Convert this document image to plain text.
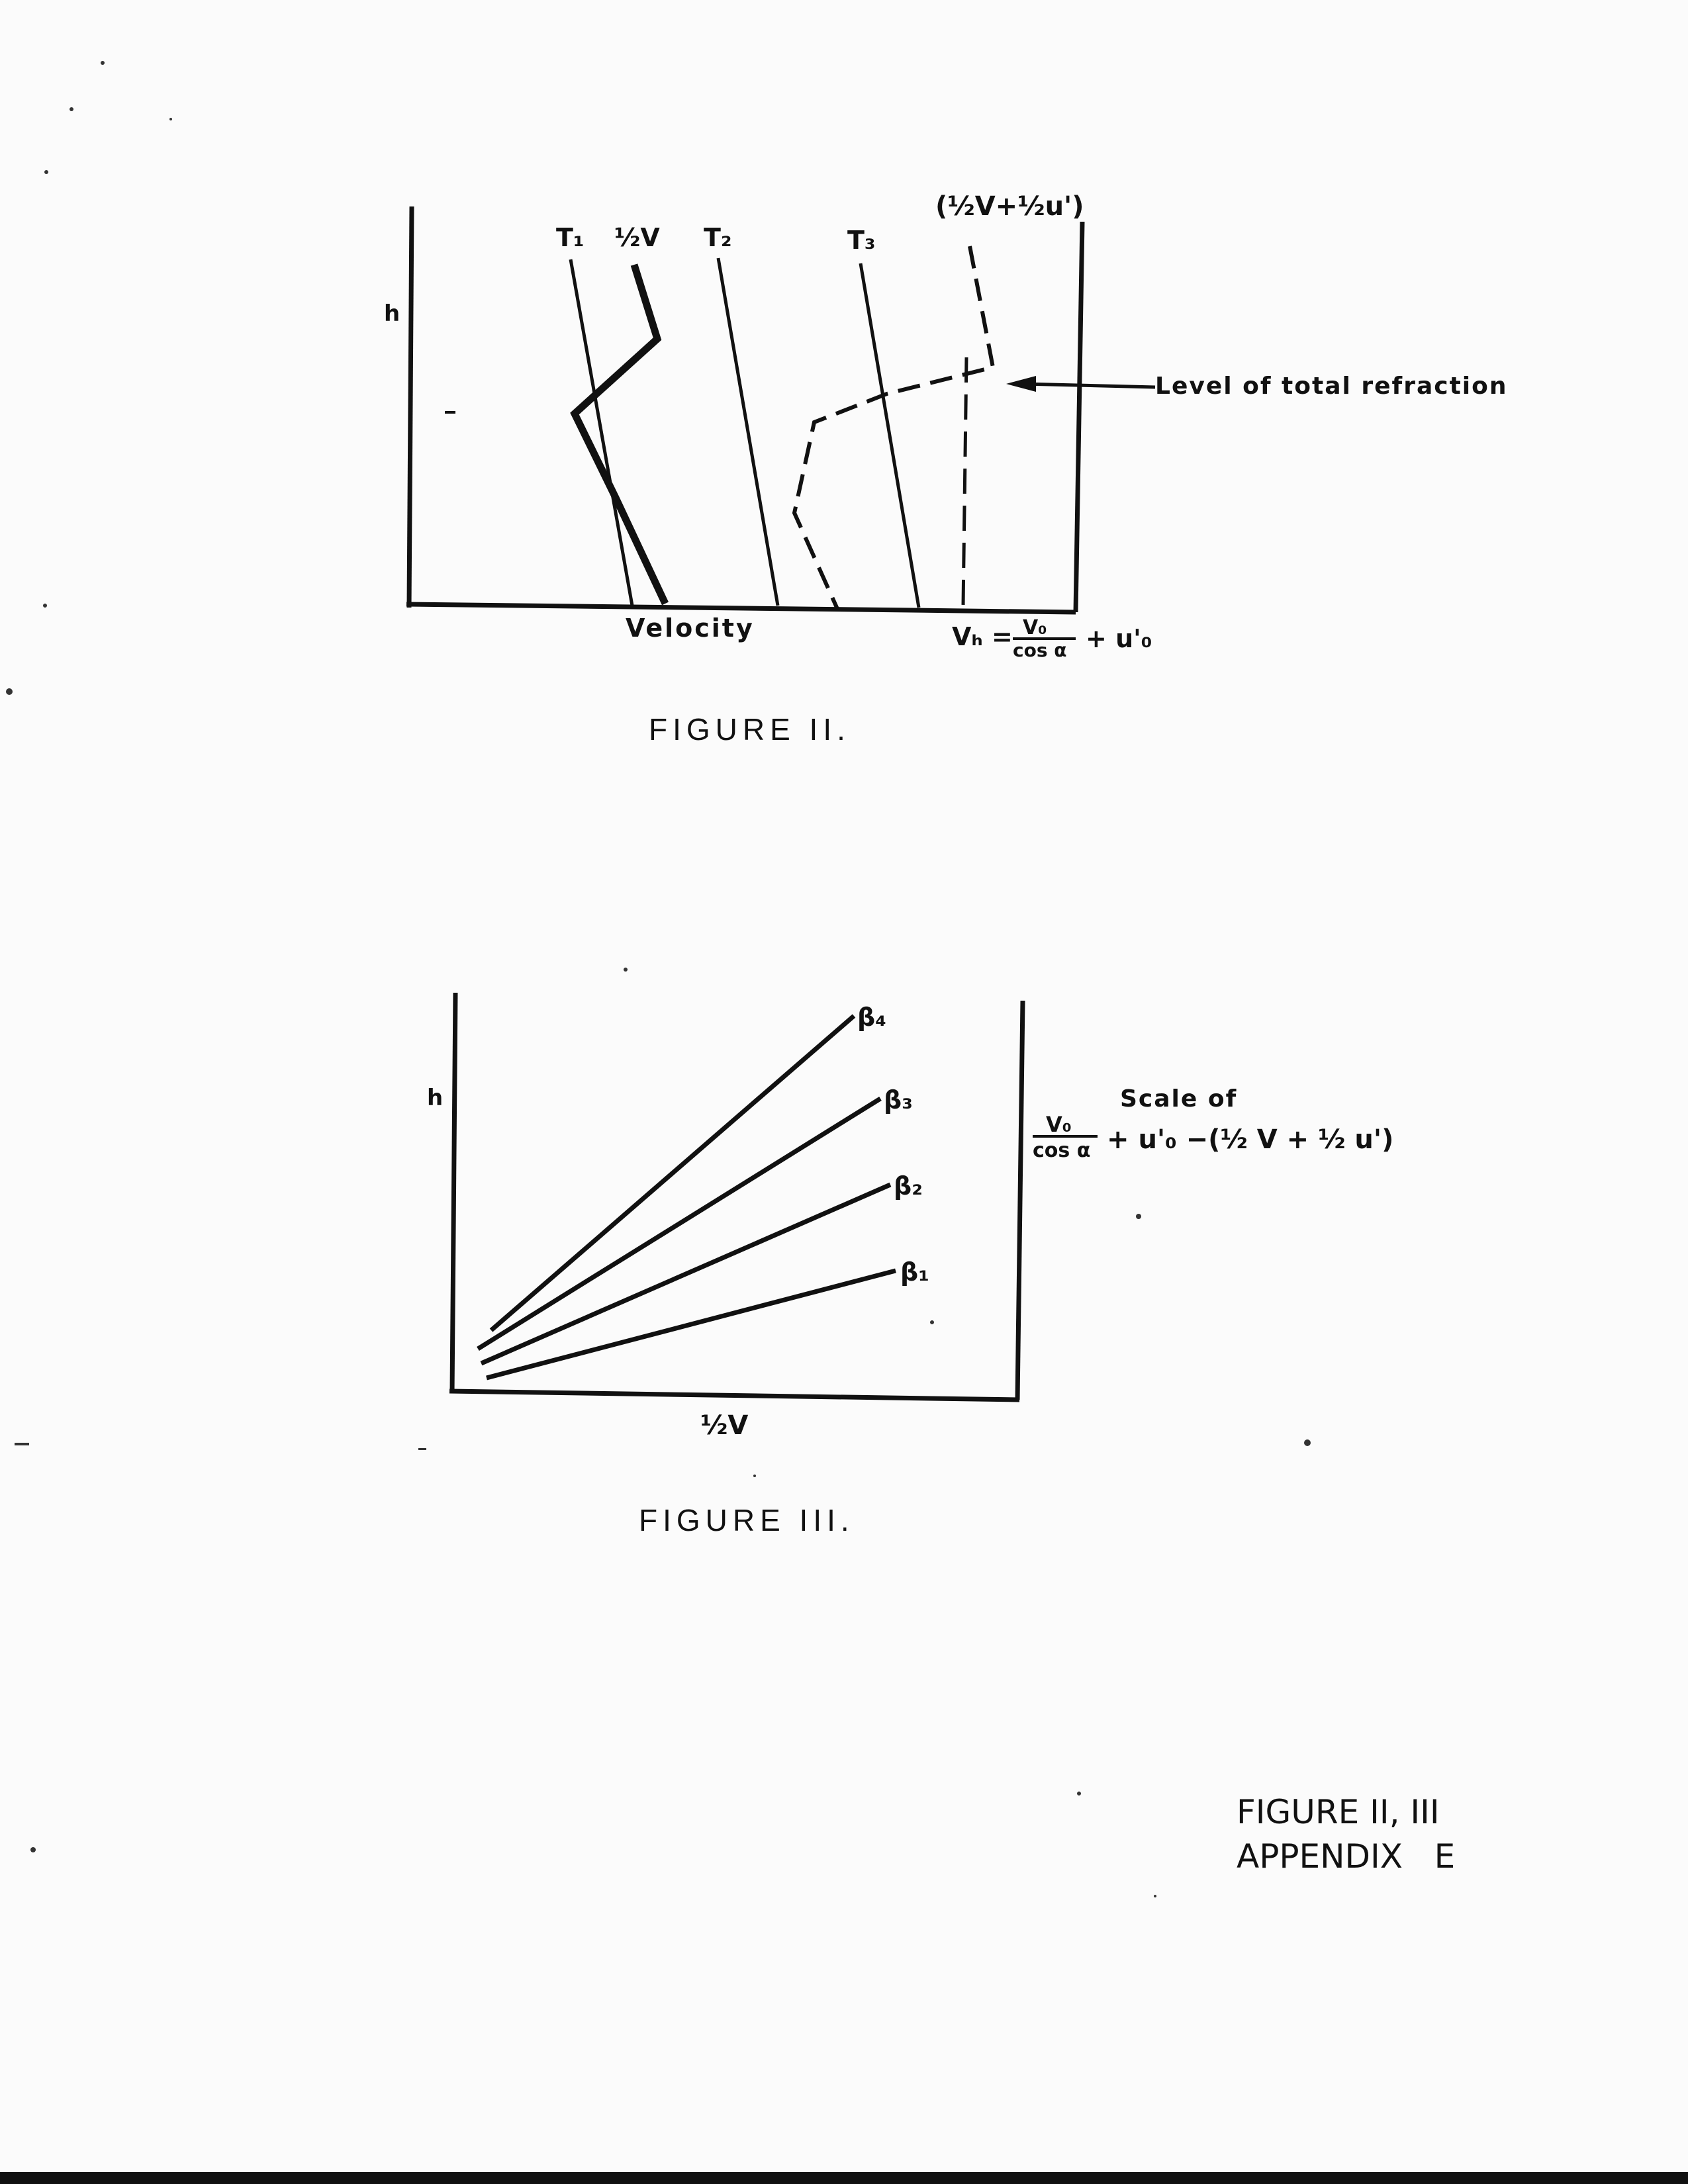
h
T₁ ½V T₂	T₃
(½V+½u')
Level of total refraction
Velocity	Vₕ = V₀
cos α + u'₀
FIGURE II.
β₄
β₃
β₂
β₁
h
½V
Scale of
V₀
cos α + u'₀ −(½ V + ½ u')
FIGURE III.
FIGURE II, III
APPENDIX   E
